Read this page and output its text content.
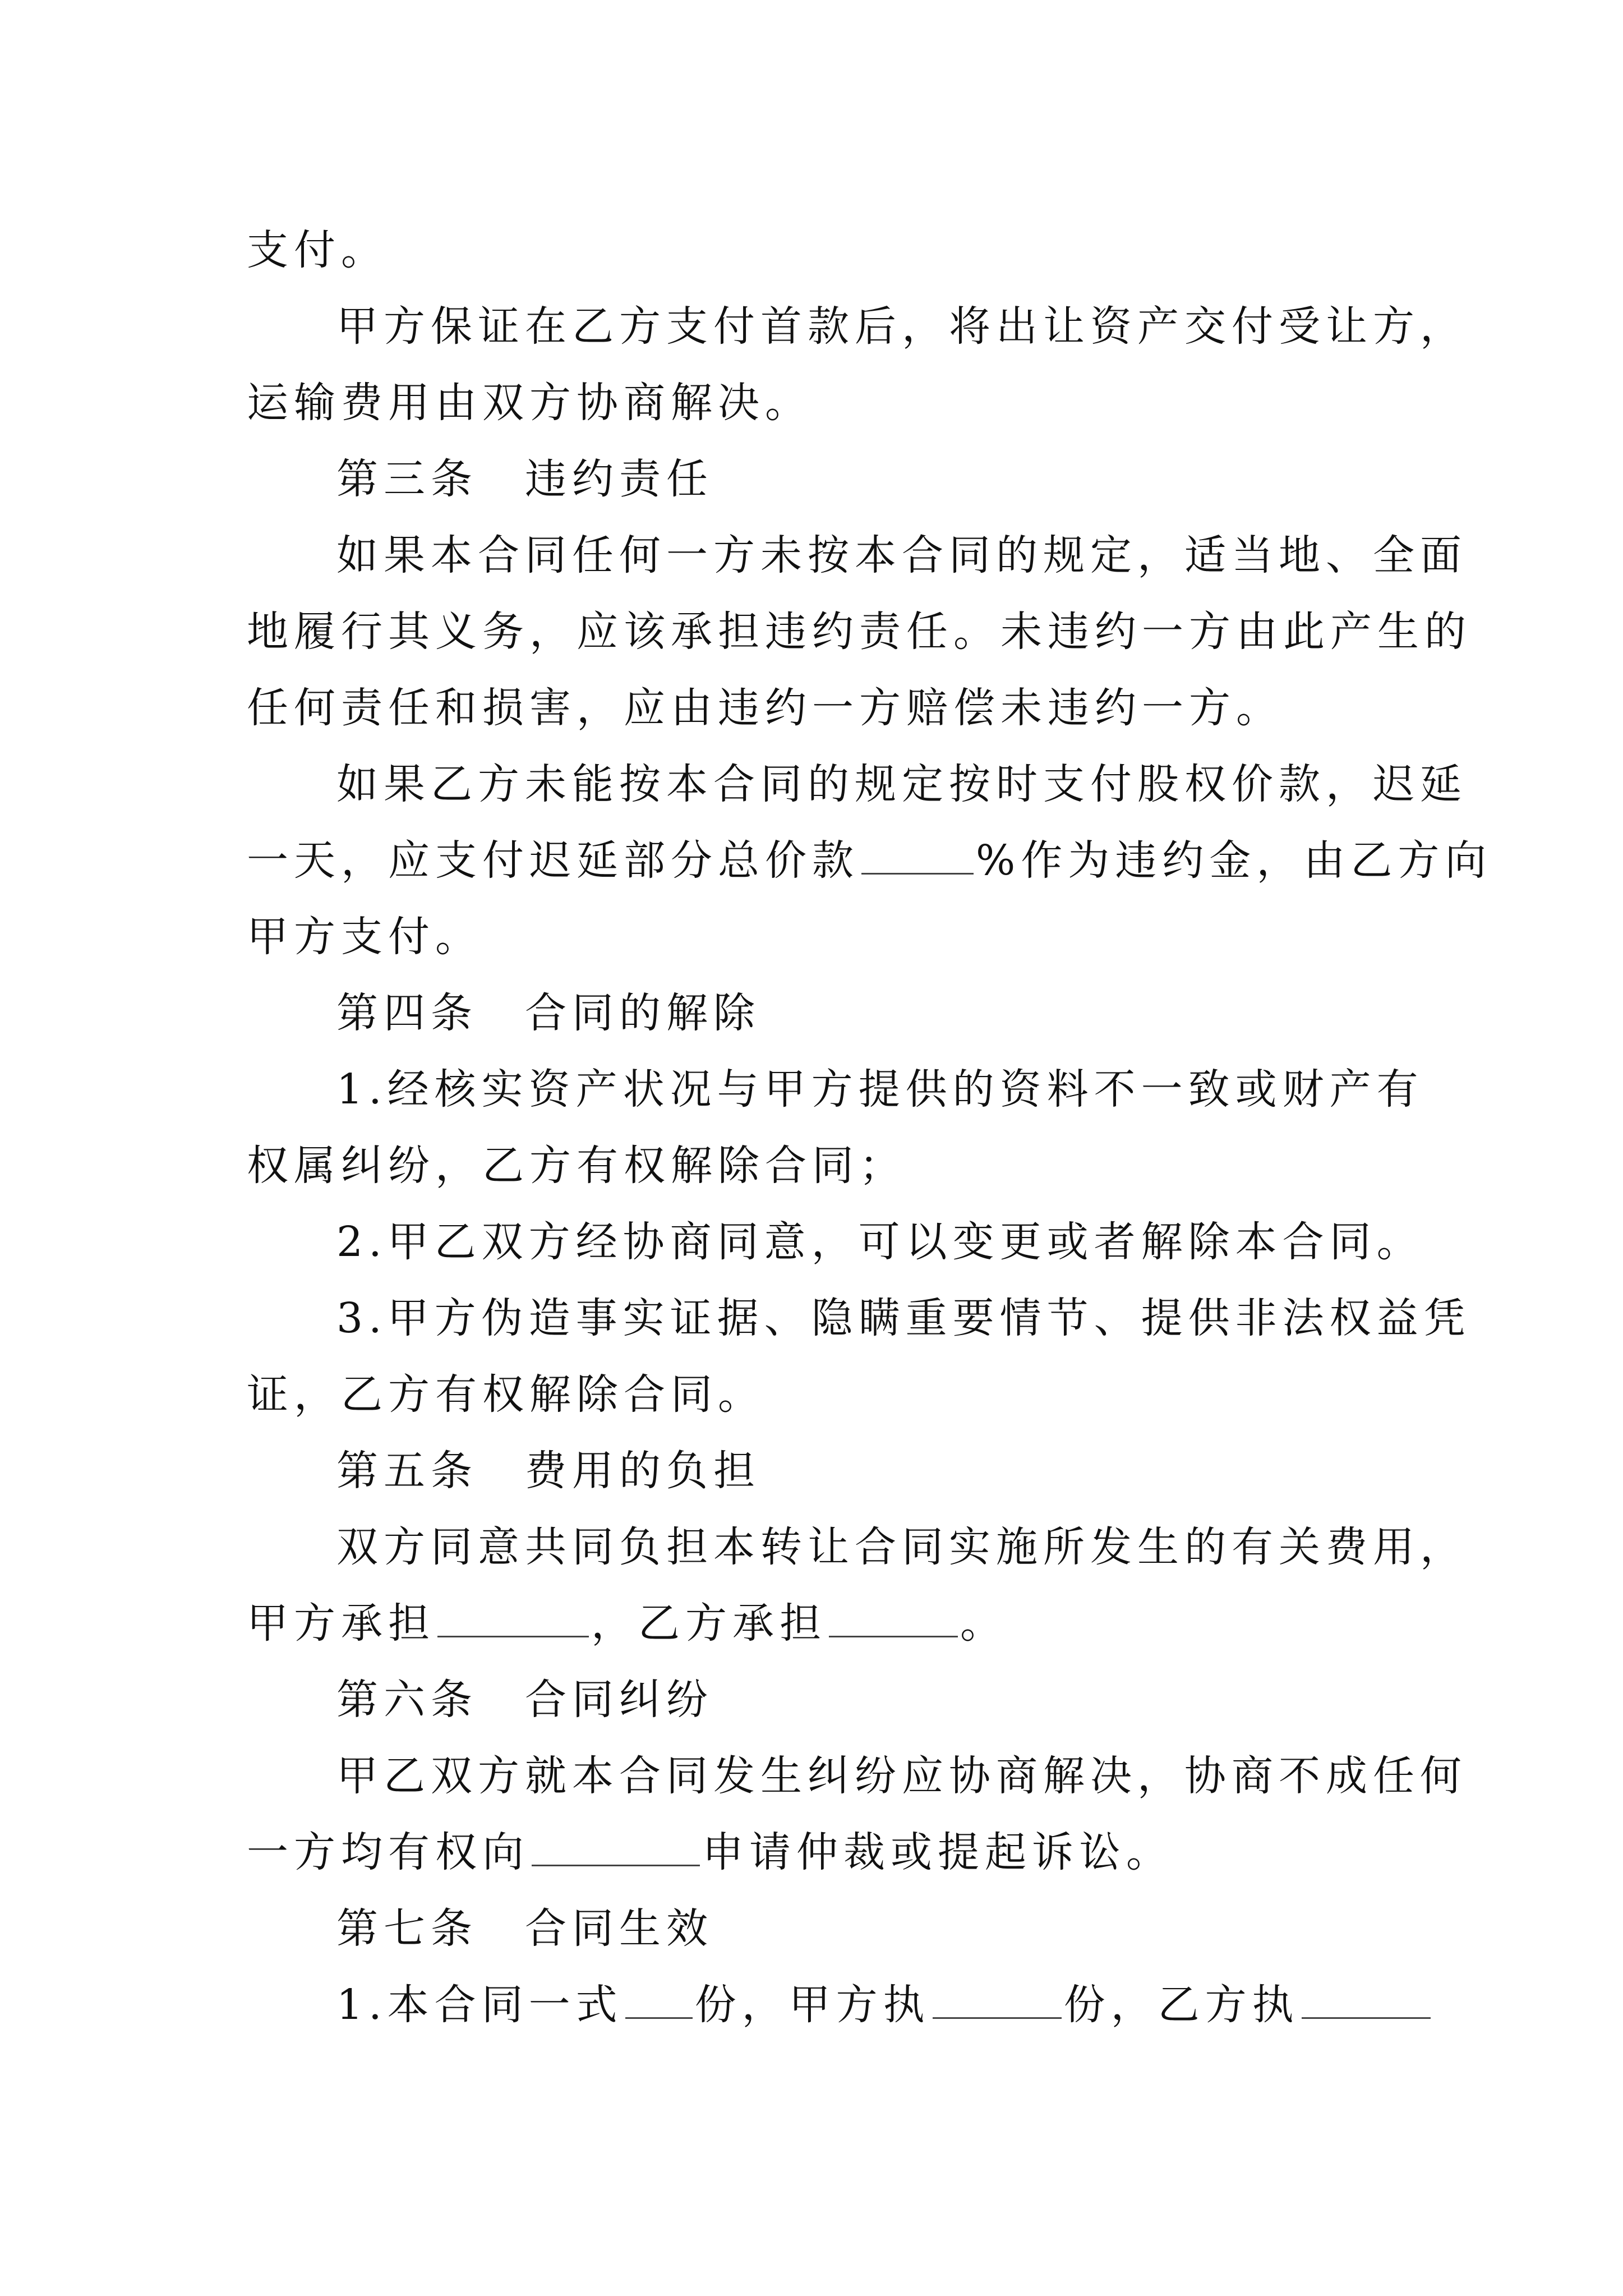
支付。
甲方保证在乙方支付首款后，将出让资产交付受让方，
运输费用由双方协商解决。
第三条　违约责任
如果本合同任何一方未按本合同的规定，适当地、全面
地履行其义务，应该承担违约责任。未违约一方由此产生的
任何责任和损害，应由违约一方赔偿未违约一方。
如果乙方未能按本合同的规定按时支付股权价款，迟延
一天，应支付迟延部分总价款	%作为违约金，由乙方向
甲方支付。
第四条　合同的解除
1.经核实资产状况与甲方提供的资料不一致或财产有
权属纠纷，乙方有权解除合同；
2.甲乙双方经协商同意，可以变更或者解除本合同。
3.甲方伪造事实证据、隐瞒重要情节、提供非法权益凭
证，乙方有权解除合同。
第五条　费用的负担
双方同意共同负担本转让合同实施所发生的有关费用，
甲方承担	，乙方承担	。
第六条　合同纠纷
甲乙双方就本合同发生纠纷应协商解决，协商不成任何
一方均有权向	申请仲裁或提起诉讼。
第七条　合同生效
1.本合同一式 份，甲方执	份，乙方执
